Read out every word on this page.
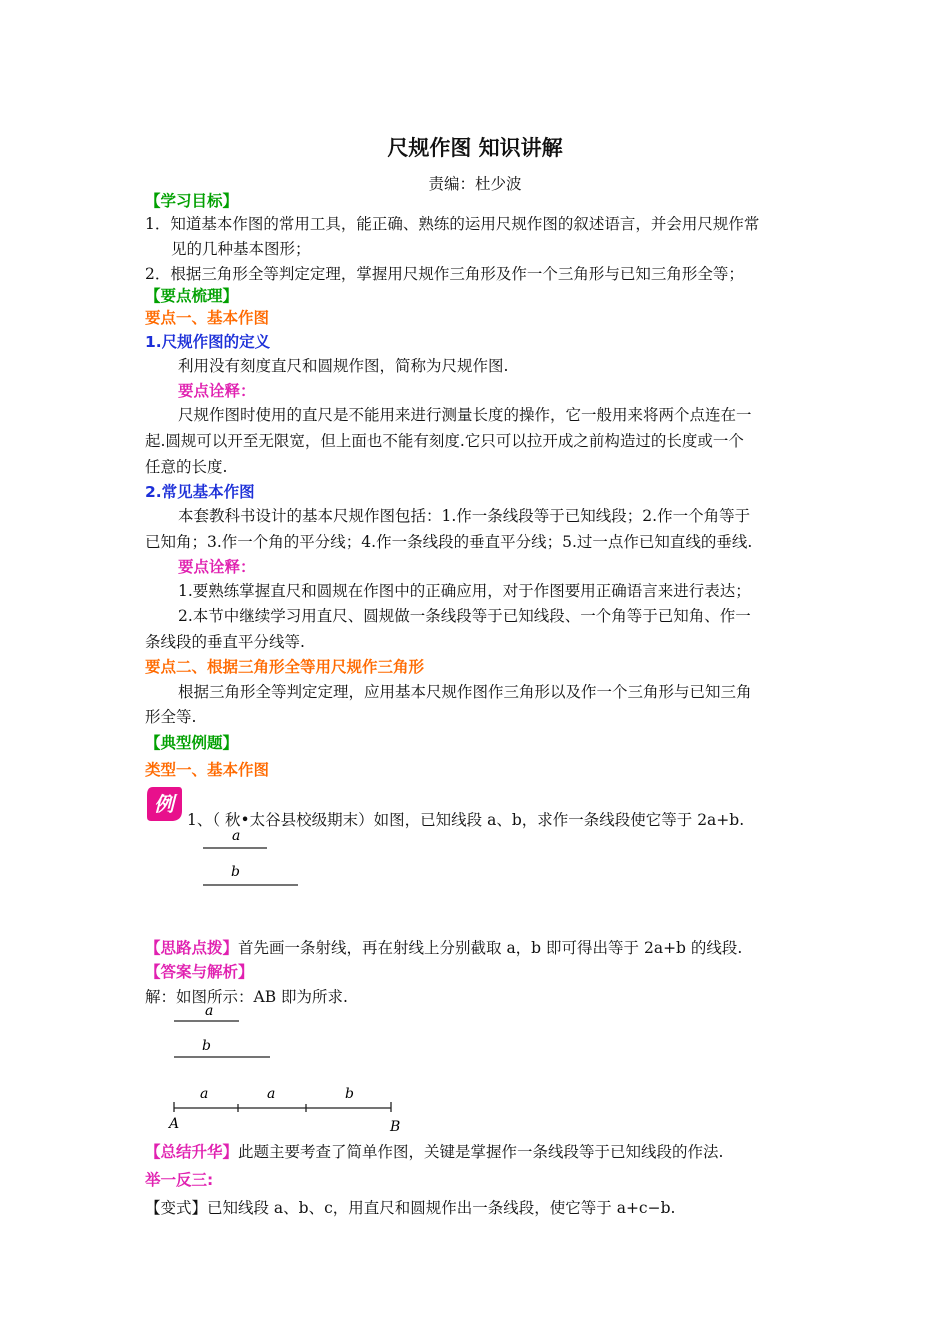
尺规作图 知识讲解
责编：杜少波
【学习目标】
1．知道基本作图的常用工具，能正确、熟练的运用尺规作图的叙述语言，并会用尺规作常
见的几种基本图形；
2．根据三角形全等判定定理，掌握用尺规作三角形及作一个三角形与已知三角形全等；
【要点梳理】
要点一、基本作图
1.尺规作图的定义
利用没有刻度直尺和圆规作图，简称为尺规作图.
要点诠释：
尺规作图时使用的直尺是不能用来进行测量长度的操作，它一般用来将两个点连在一
起.圆规可以开至无限宽，但上面也不能有刻度.它只可以拉开成之前构造过的长度或一个
任意的长度.
2.常见基本作图
本套教科书设计的基本尺规作图包括：1.作一条线段等于已知线段；2.作一个角等于
已知角；3.作一个角的平分线；4.作一条线段的垂直平分线；5.过一点作已知直线的垂线.
要点诠释：
1.要熟练掌握直尺和圆规在作图中的正确应用，对于作图要用正确语言来进行表达；
2.本节中继续学习用直尺、圆规做一条线段等于已知线段、一个角等于已知角、作一
条线段的垂直平分线等.
要点二、根据三角形全等用尺规作三角形
根据三角形全等判定定理，应用基本尺规作图作三角形以及作一个三角形与已知三角
形全等.
【典型例题】
类型一、基本作图
例
1、（ 秋•太谷县校级期末）如图，已知线段 a、b，求作一条线段使它等于 2a+b.
a
b
【思路点拨】首先画一条射线，再在射线上分别截取 a，b 即可得出等于 2a+b 的线段.
【答案与解析】
解：如图所示：AB 即为所求.
a
b
a	a	b
A	B
【总结升华】此题主要考查了简单作图，关键是掌握作一条线段等于已知线段的作法.
举一反三:
【变式】已知线段 a、b、c，用直尺和圆规作出一条线段，使它等于 a+c−b.
